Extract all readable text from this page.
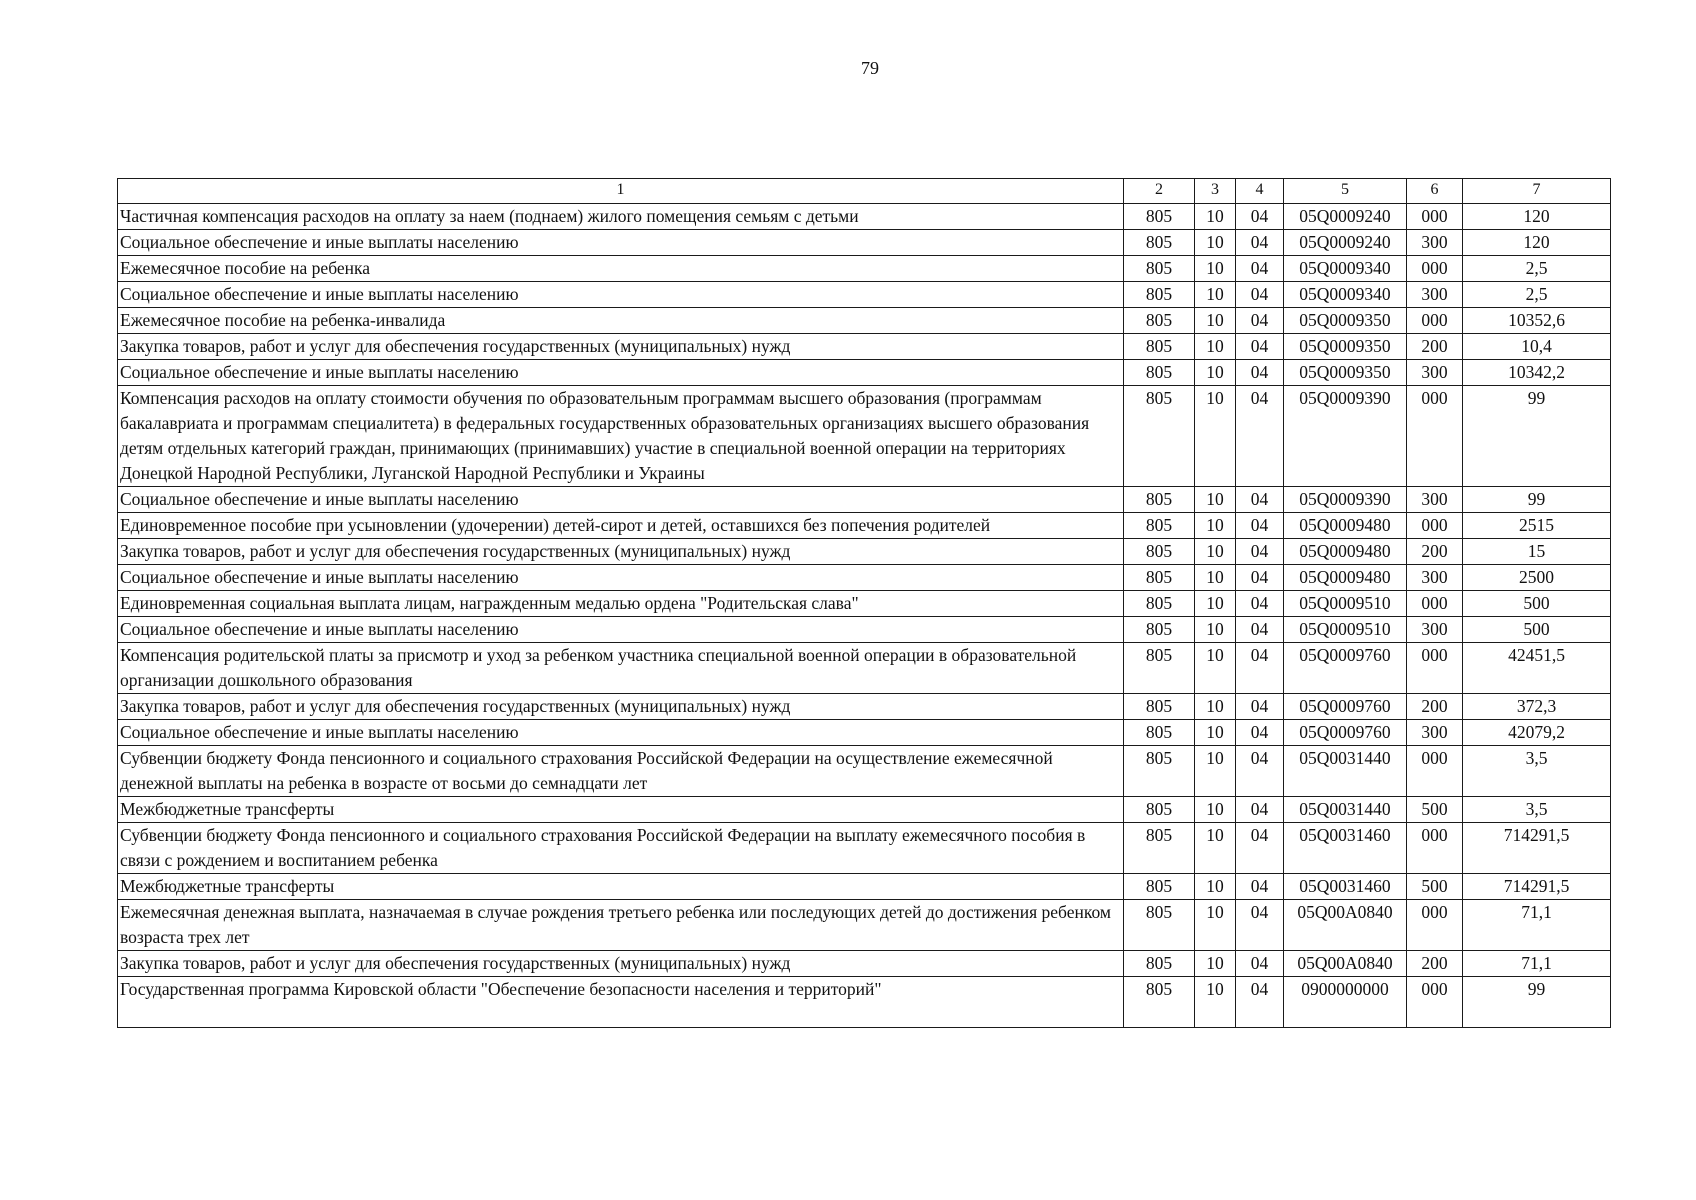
79
1	2	3	4	5	6	7
Частичная компенсация расходов на оплату за наем (поднаем) жилого помещения семьям с детьми	805	10	04	05Q0009240	000	120
Социальное обеспечение и иные выплаты населению	805	10	04	05Q0009240	300	120
Ежемесячное пособие на ребенка	805	10	04	05Q0009340	000	2,5
Социальное обеспечение и иные выплаты населению	805	10	04	05Q0009340	300	2,5
Ежемесячное пособие на ребенка-инвалида	805	10	04	05Q0009350	000	10352,6
Закупка товаров, работ и услуг для обеспечения государственных (муниципальных) нужд	805	10	04	05Q0009350	200	10,4
Социальное обеспечение и иные выплаты населению	805	10	04	05Q0009350	300	10342,2
Компенсация расходов на оплату стоимости обучения по образовательным программам высшего образования (программам бакалавриата и программам специалитета) в федеральных государственных образовательных организациях высшего образования детям отдельных категорий граждан, принимающих (принимавших) участие в специальной военной операции на территориях Донецкой Народной Республики, Луганской Народной Республики и Украины	805	10	04	05Q0009390	000	99
Социальное обеспечение и иные выплаты населению	805	10	04	05Q0009390	300	99
Единовременное пособие при усыновлении (удочерении) детей-сирот и детей, оставшихся без попечения родителей	805	10	04	05Q0009480	000	2515
Закупка товаров, работ и услуг для обеспечения государственных (муниципальных) нужд	805	10	04	05Q0009480	200	15
Социальное обеспечение и иные выплаты населению	805	10	04	05Q0009480	300	2500
Единовременная социальная выплата лицам, награжденным медалью ордена "Родительская слава"	805	10	04	05Q0009510	000	500
Социальное обеспечение и иные выплаты населению	805	10	04	05Q0009510	300	500
Компенсация родительской платы за присмотр и уход за ребенком участника специальной военной операции в образовательной организации дошкольного образования	805	10	04	05Q0009760	000	42451,5
Закупка товаров, работ и услуг для обеспечения государственных (муниципальных) нужд	805	10	04	05Q0009760	200	372,3
Социальное обеспечение и иные выплаты населению	805	10	04	05Q0009760	300	42079,2
Субвенции бюджету Фонда пенсионного и социального страхования Российской Федерации на осуществление ежемесячной денежной выплаты на ребенка в возрасте от восьми до семнадцати лет	805	10	04	05Q0031440	000	3,5
Межбюджетные трансферты	805	10	04	05Q0031440	500	3,5
Субвенции бюджету Фонда пенсионного и социального страхования Российской Федерации на выплату ежемесячного пособия в связи с рождением и воспитанием ребенка	805	10	04	05Q0031460	000	714291,5
Межбюджетные трансферты	805	10	04	05Q0031460	500	714291,5
Ежемесячная денежная выплата, назначаемая в случае рождения третьего ребенка или последующих детей до достижения ребенком возраста трех лет	805	10	04	05Q00A0840	000	71,1
Закупка товаров, работ и услуг для обеспечения государственных (муниципальных) нужд	805	10	04	05Q00A0840	200	71,1
Государственная программа Кировской области "Обеспечение безопасности населения и территорий"	805	10	04	0900000000	000	99
